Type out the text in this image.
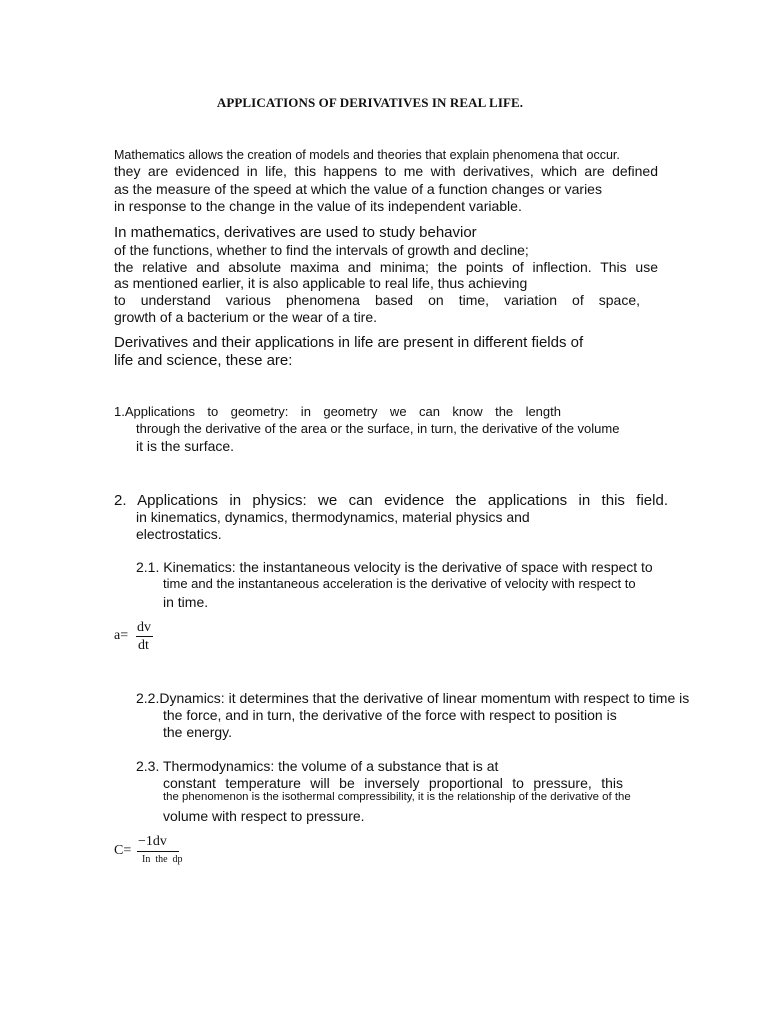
APPLICATIONS OF DERIVATIVES IN REAL LIFE.
Mathematics allows the creation of models and theories that explain phenomena that occur.
they are evidenced in life, this happens to me with derivatives, which are defined
as the measure of the speed at which the value of a function changes or varies
in response to the change in the value of its independent variable.
In mathematics, derivatives are used to study behavior
of the functions, whether to find the intervals of growth and decline;
the relative and absolute maxima and minima; the points of inflection. This use
as mentioned earlier, it is also applicable to real life, thus achieving
to understand various phenomena based on time, variation of space,
growth of a bacterium or the wear of a tire.
Derivatives and their applications in life are present in different fields of
life and science, these are:
1.Applications to geometry: in geometry we can know the length
through the derivative of the area or the surface, in turn, the derivative of the volume
it is the surface.
2. Applications in physics: we can evidence the applications in this field.
in kinematics, dynamics, thermodynamics, material physics and
electrostatics.
2.1. Kinematics: the instantaneous velocity is the derivative of space with respect to
time and the instantaneous acceleration is the derivative of velocity with respect to
in time.
a=
dv
dt
2.2.Dynamics: it determines that the derivative of linear momentum with respect to time is
the force, and in turn, the derivative of the force with respect to position is
the energy.
2.3. Thermodynamics: the volume of a substance that is at
constant temperature will be inversely proportional to pressure, this
the phenomenon is the isothermal compressibility, it is the relationship of the derivative of the
volume with respect to pressure.
C=
−1dv
In  the  dp
